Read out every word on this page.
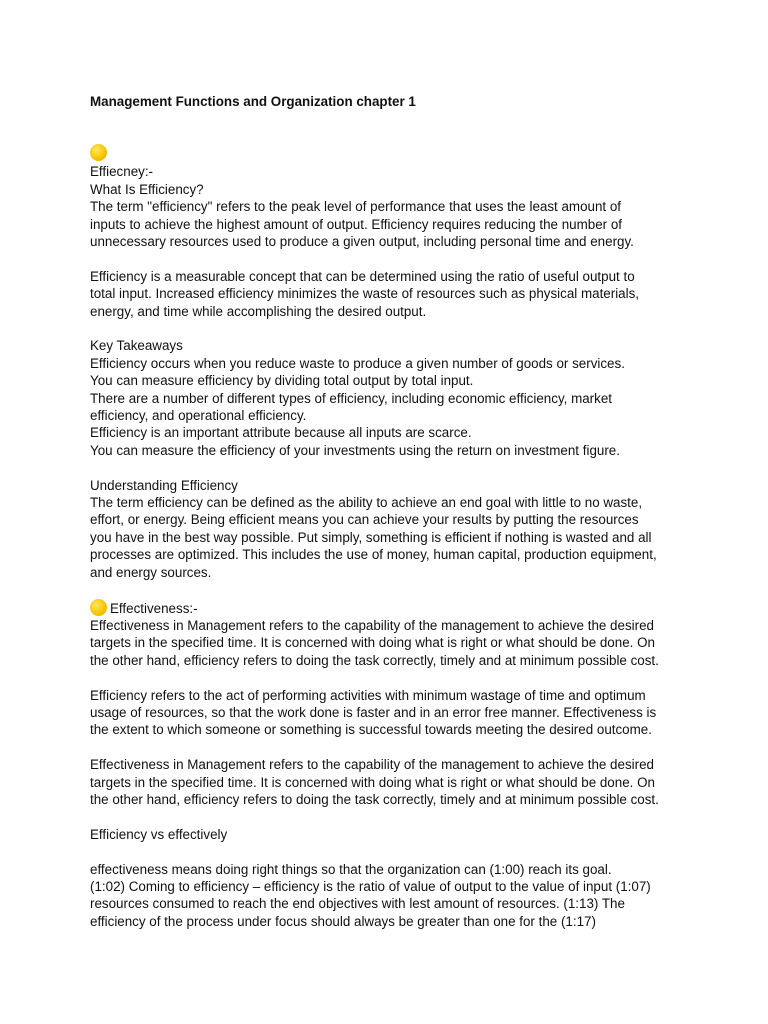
Management Functions and Organization chapter 1

Effiecney:-
What Is Efficiency?
The term "efficiency" refers to the peak level of performance that uses the least amount of
inputs to achieve the highest amount of output. Efficiency requires reducing the number of
unnecessary resources used to produce a given output, including personal time and energy.
Efficiency is a measurable concept that can be determined using the ratio of useful output to
total input. Increased efficiency minimizes the waste of resources such as physical materials,
energy, and time while accomplishing the desired output.
Key Takeaways
Efficiency occurs when you reduce waste to produce a given number of goods or services.
You can measure efficiency by dividing total output by total input.
There are a number of different types of efficiency, including economic efficiency, market
efficiency, and operational efficiency.
Efficiency is an important attribute because all inputs are scarce.
You can measure the efficiency of your investments using the return on investment figure.
Understanding Efficiency
The term efficiency can be defined as the ability to achieve an end goal with little to no waste,
effort, or energy. Being efficient means you can achieve your results by putting the resources
you have in the best way possible. Put simply, something is efficient if nothing is wasted and all
processes are optimized. This includes the use of money, human capital, production equipment,
and energy sources.
Effectiveness:-
Effectiveness in Management refers to the capability of the management to achieve the desired
targets in the specified time. It is concerned with doing what is right or what should be done. On
the other hand, efficiency refers to doing the task correctly, timely and at minimum possible cost.
Efficiency refers to the act of performing activities with minimum wastage of time and optimum
usage of resources, so that the work done is faster and in an error free manner. Effectiveness is
the extent to which someone or something is successful towards meeting the desired outcome.
Effectiveness in Management refers to the capability of the management to achieve the desired
targets in the specified time. It is concerned with doing what is right or what should be done. On
the other hand, efficiency refers to doing the task correctly, timely and at minimum possible cost.
Efficiency vs effectively
effectiveness means doing right things so that the organization can (1:00) reach its goal.
(1:02) Coming to efficiency – efficiency is the ratio of value of output to the value of input (1:07)
resources consumed to reach the end objectives with lest amount of resources. (1:13) The
efficiency of the process under focus should always be greater than one for the (1:17)
